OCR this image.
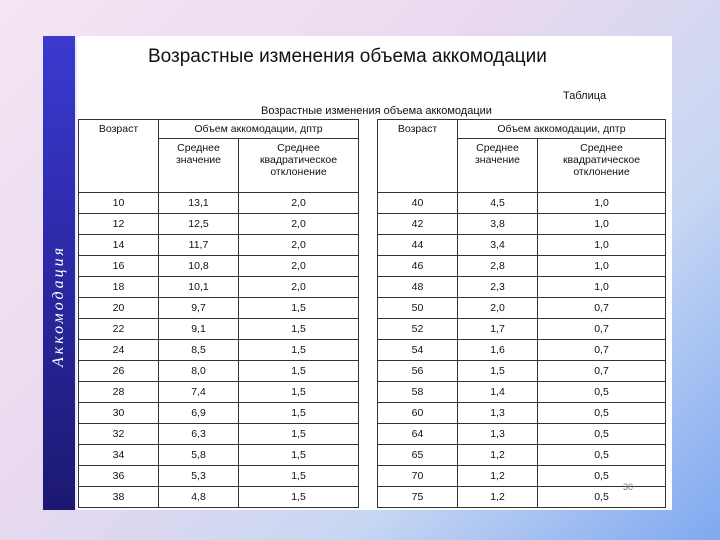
Аккомодация
Возрастные изменения объема аккомодации
Таблица
Возрастные изменения объема аккомодации
Возраст	Объем аккомодации, дптр	
	Среднее значение	Среднее квадратическое отклонение
10	13,1	2,0
12	12,5	2,0
14	11,7	2,0
16	10,8	2,0
18	10,1	2,0
20	9,7	1,5
22	9,1	1,5
24	8,5	1,5
26	8,0	1,5
28	7,4	1,5
30	6,9	1,5
32	6,3	1,5
34	5,8	1,5
36	5,3	1,5
38	4,8	1,5
Возраст	Объем аккомодации, дптр	
	Среднее значение	Среднее квадратическое отклонение
40	4,5	1,0
42	3,8	1,0
44	3,4	1,0
46	2,8	1,0
48	2,3	1,0
50	2,0	0,7
52	1,7	0,7
54	1,6	0,7
56	1,5	0,7
58	1,4	0,5
60	1,3	0,5
64	1,3	0,5
65	1,2	0,5
70	1,2	0,5
75	1,2	0,5
30
